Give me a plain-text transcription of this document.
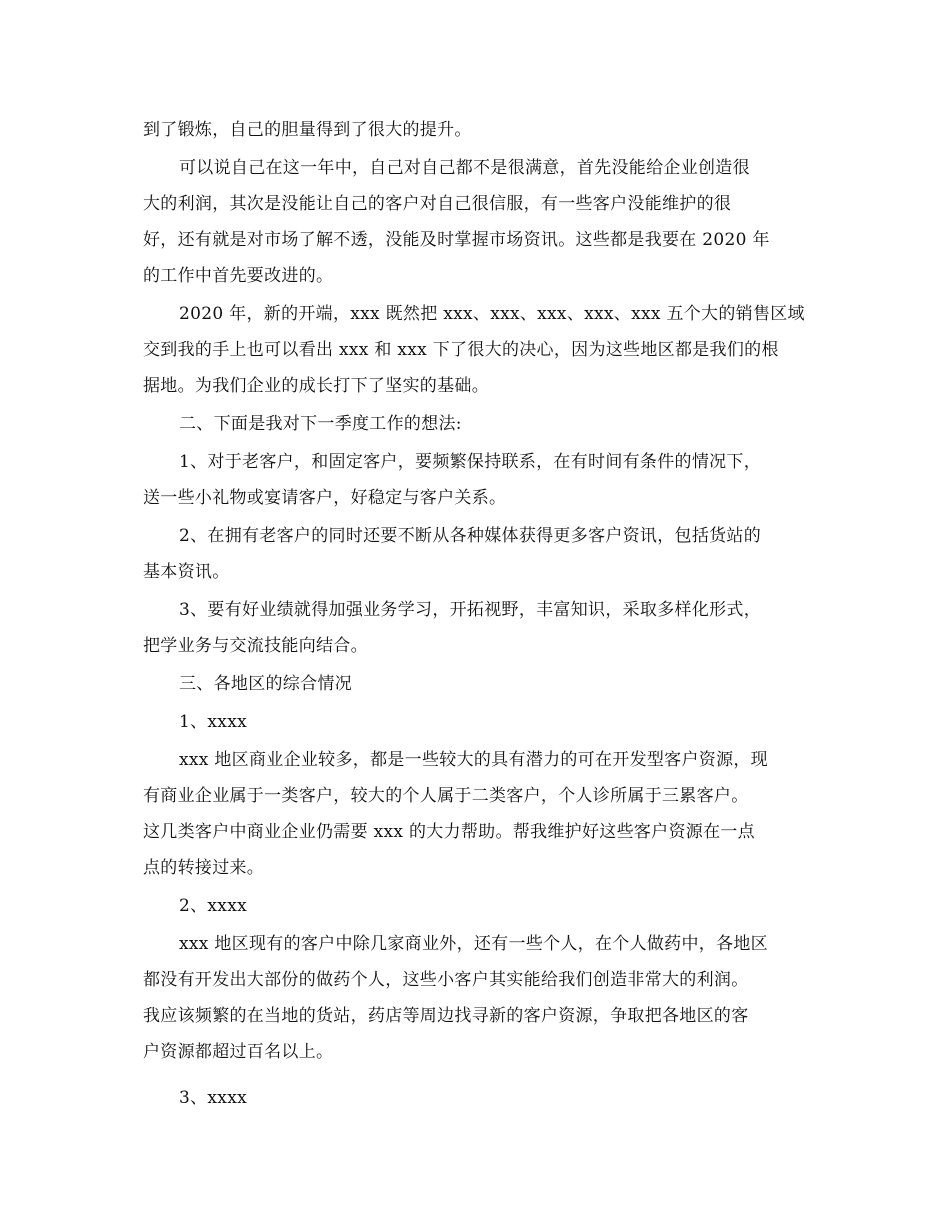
到了锻炼，自己的胆量得到了很大的提升。
可以说自己在这一年中，自己对自己都不是很满意，首先没能给企业创造很
大的利润，其次是没能让自己的客户对自己很信服，有一些客户没能维护的很
好，还有就是对市场了解不透，没能及时掌握市场资讯。这些都是我要在 2020 年
的工作中首先要改进的。
2020 年，新的开端，xxx 既然把 xxx、xxx、xxx、xxx、xxx 五个大的销售区域
交到我的手上也可以看出 xxx 和 xxx 下了很大的决心，因为这些地区都是我们的根
据地。为我们企业的成长打下了坚实的基础。
二、下面是我对下一季度工作的想法:
1、对于老客户，和固定客户，要频繁保持联系，在有时间有条件的情况下，
送一些小礼物或宴请客户，好稳定与客户关系。
2、在拥有老客户的同时还要不断从各种媒体获得更多客户资讯，包括货站的
基本资讯。
3、要有好业绩就得加强业务学习，开拓视野，丰富知识，采取多样化形式，
把学业务与交流技能向结合。
三、各地区的综合情况
1、xxxx
xxx 地区商业企业较多，都是一些较大的具有潜力的可在开发型客户资源，现
有商业企业属于一类客户，较大的个人属于二类客户，个人诊所属于三累客户。
这几类客户中商业企业仍需要 xxx 的大力帮助。帮我维护好这些客户资源在一点
点的转接过来。
2、xxxx
xxx 地区现有的客户中除几家商业外，还有一些个人，在个人做药中，各地区
都没有开发出大部份的做药个人，这些小客户其实能给我们创造非常大的利润。
我应该频繁的在当地的货站，药店等周边找寻新的客户资源，争取把各地区的客
户资源都超过百名以上。
3、xxxx
